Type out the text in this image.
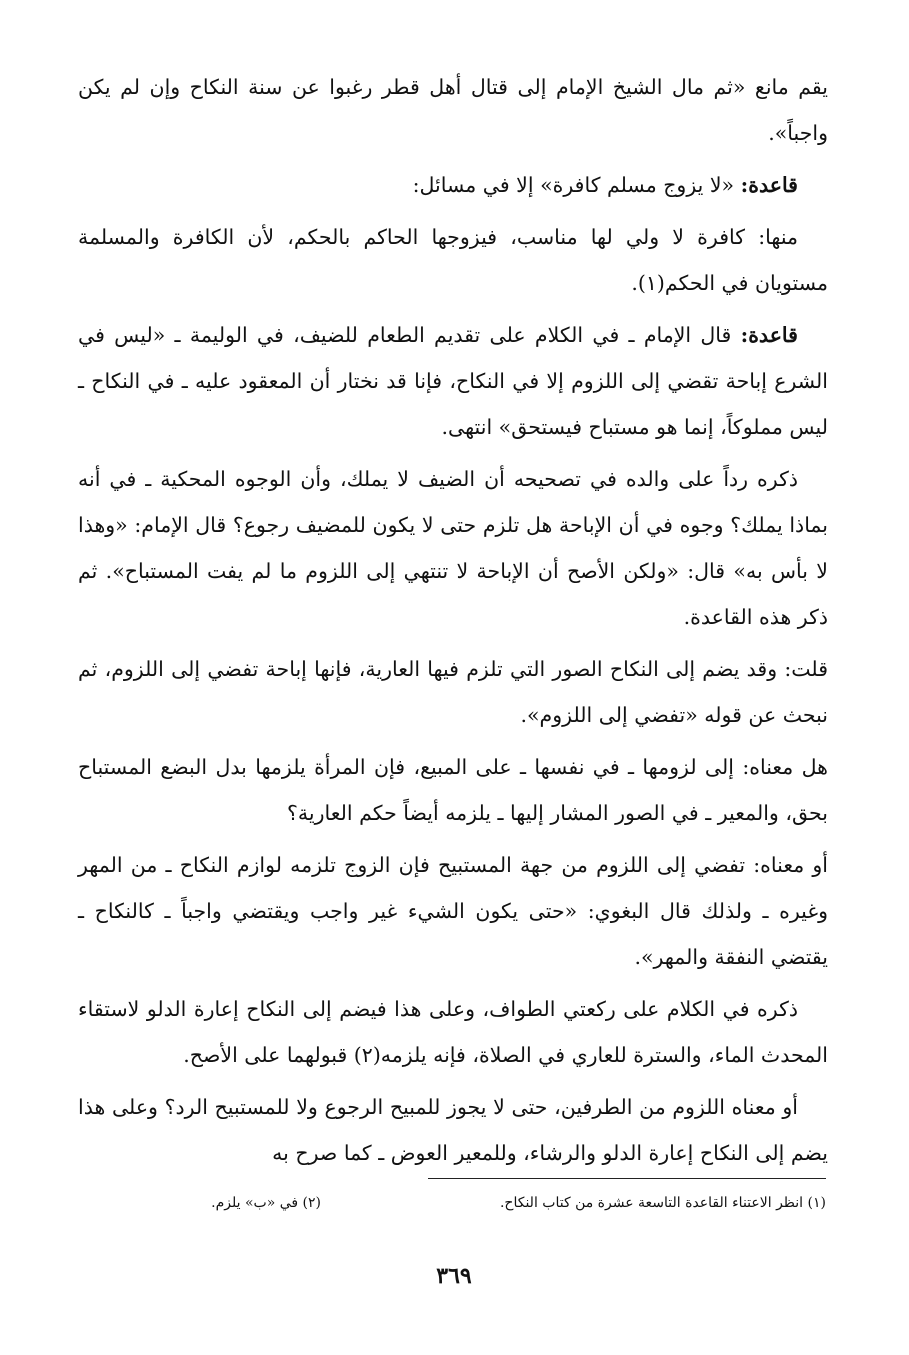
يقم مانع «ثم مال الشيخ الإمام إلى قتال أهل قطر رغبوا عن سنة النكاح وإن لم يكن واجباً».

قاعدة: «لا يزوج مسلم كافرة» إلا في مسائل:

منها: كافرة لا ولي لها مناسب، فيزوجها الحاكم بالحكم، لأن الكافرة والمسلمة مستويان في الحكم(١).

قاعدة: قال الإمام ـ في الكلام على تقديم الطعام للضيف، في الوليمة ـ «ليس في الشرع إباحة تقضي إلى اللزوم إلا في النكاح، فإنا قد نختار أن المعقود عليه ـ في النكاح ـ ليس مملوكاً، إنما هو مستباح فيستحق» انتهى.

ذكره رداً على والده في تصحيحه أن الضيف لا يملك، وأن الوجوه المحكية ـ في أنه بماذا يملك؟ وجوه في أن الإباحة هل تلزم حتى لا يكون للمضيف رجوع؟ قال الإمام: «وهذا لا بأس به» قال: «ولكن الأصح أن الإباحة لا تنتهي إلى اللزوم ما لم يفت المستباح». ثم ذكر هذه القاعدة.

قلت: وقد يضم إلى النكاح الصور التي تلزم فيها العارية، فإنها إباحة تفضي إلى اللزوم، ثم نبحث عن قوله «تفضي إلى اللزوم».

هل معناه: إلى لزومها ـ في نفسها ـ على المبيع، فإن المرأة يلزمها بدل البضع المستباح بحق، والمعير ـ في الصور المشار إليها ـ يلزمه أيضاً حكم العارية؟

أو معناه: تفضي إلى اللزوم من جهة المستبيح فإن الزوج تلزمه لوازم النكاح ـ من المهر وغيره ـ ولذلك قال البغوي: «حتى يكون الشيء غير واجب ويقتضي واجباً ـ كالنكاح ـ يقتضي النفقة والمهر».

ذكره في الكلام على ركعتي الطواف، وعلى هذا فيضم إلى النكاح إعارة الدلو لاستقاء المحدث الماء، والسترة للعاري في الصلاة، فإنه يلزمه(٢) قبولهما على الأصح.

أو معناه اللزوم من الطرفين، حتى لا يجوز للمبيح الرجوع ولا للمستبيح الرد؟ وعلى هذا يضم إلى النكاح إعارة الدلو والرشاء، وللمعير العوض ـ كما صرح به

(١) انظر الاعتناء القاعدة التاسعة عشرة من كتاب النكاح.
(٢) في «ب» يلزم.
٣٦٩
